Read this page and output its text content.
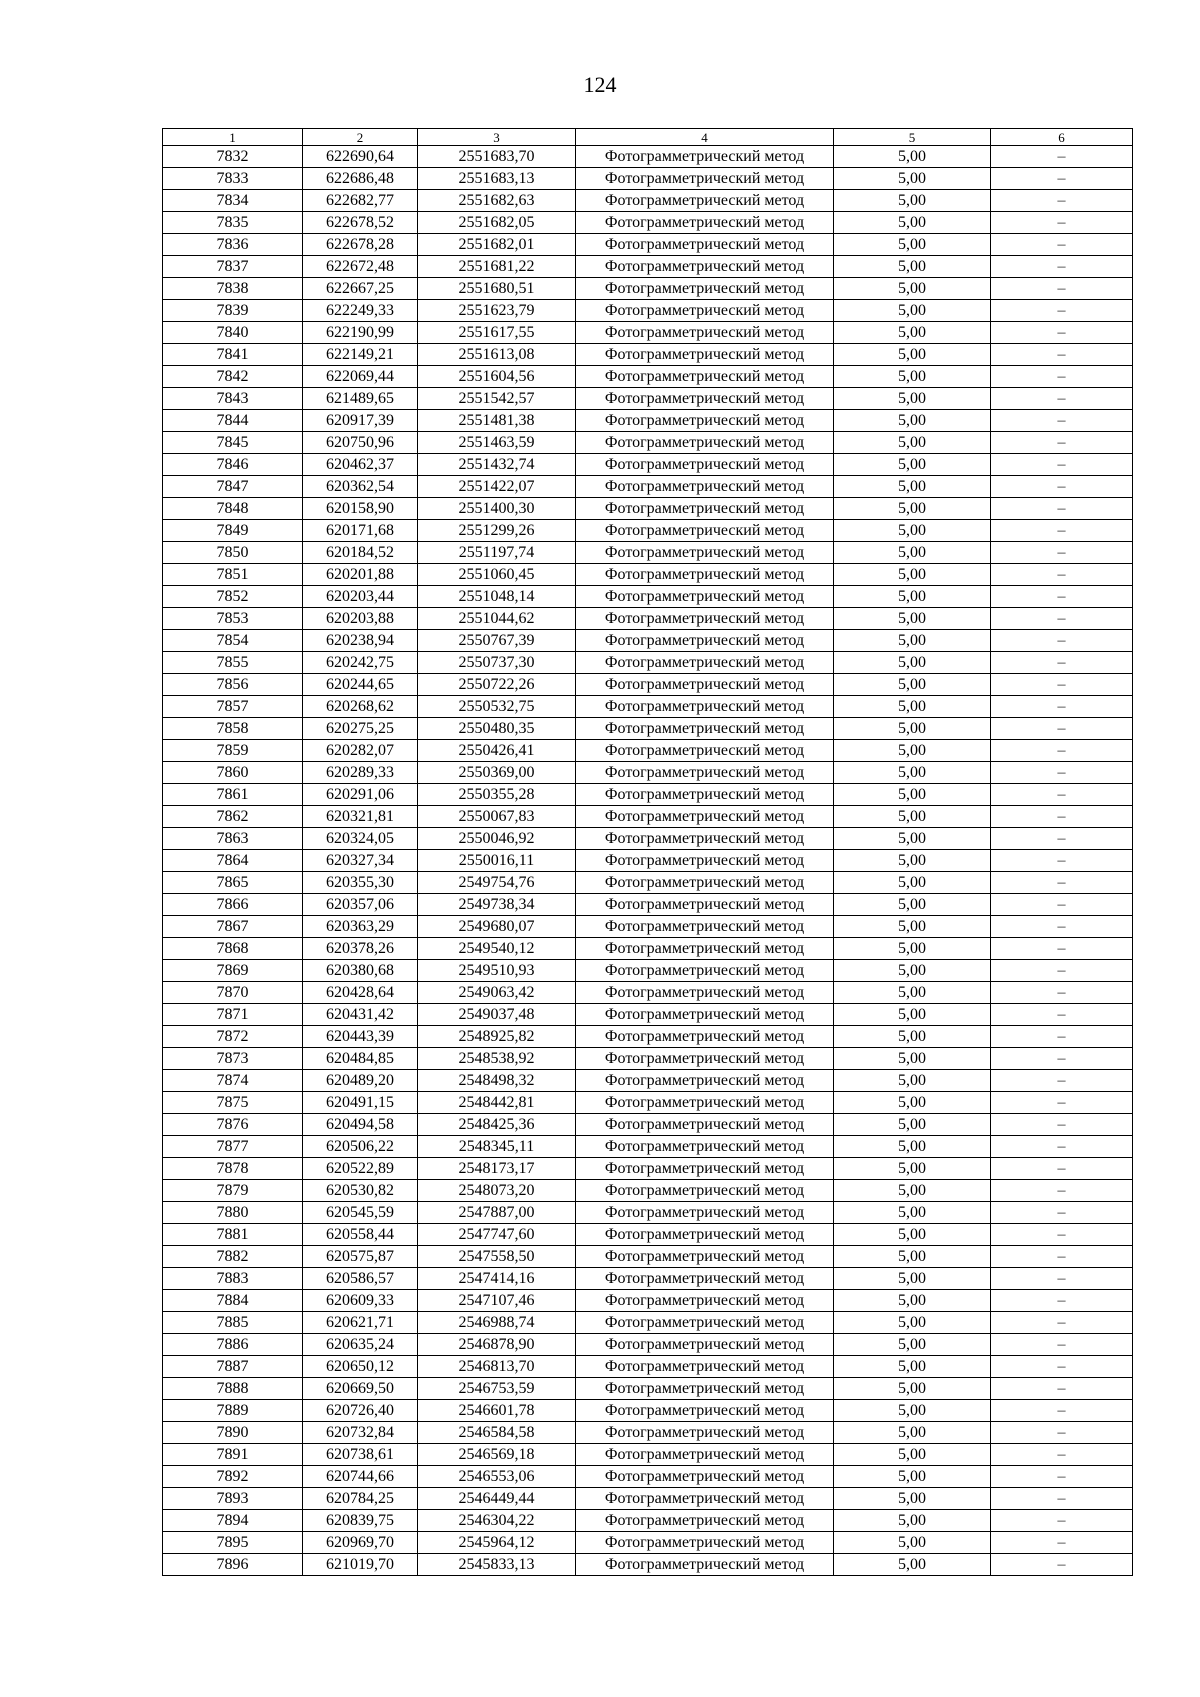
124
1	2	3	4	5	6
7832	622690,64	2551683,70	Фотограмметрический метод	5,00	–
7833	622686,48	2551683,13	Фотограмметрический метод	5,00	–
7834	622682,77	2551682,63	Фотограмметрический метод	5,00	–
7835	622678,52	2551682,05	Фотограмметрический метод	5,00	–
7836	622678,28	2551682,01	Фотограмметрический метод	5,00	–
7837	622672,48	2551681,22	Фотограмметрический метод	5,00	–
7838	622667,25	2551680,51	Фотограмметрический метод	5,00	–
7839	622249,33	2551623,79	Фотограмметрический метод	5,00	–
7840	622190,99	2551617,55	Фотограмметрический метод	5,00	–
7841	622149,21	2551613,08	Фотограмметрический метод	5,00	–
7842	622069,44	2551604,56	Фотограмметрический метод	5,00	–
7843	621489,65	2551542,57	Фотограмметрический метод	5,00	–
7844	620917,39	2551481,38	Фотограмметрический метод	5,00	–
7845	620750,96	2551463,59	Фотограмметрический метод	5,00	–
7846	620462,37	2551432,74	Фотограмметрический метод	5,00	–
7847	620362,54	2551422,07	Фотограмметрический метод	5,00	–
7848	620158,90	2551400,30	Фотограмметрический метод	5,00	–
7849	620171,68	2551299,26	Фотограмметрический метод	5,00	–
7850	620184,52	2551197,74	Фотограмметрический метод	5,00	–
7851	620201,88	2551060,45	Фотограмметрический метод	5,00	–
7852	620203,44	2551048,14	Фотограмметрический метод	5,00	–
7853	620203,88	2551044,62	Фотограмметрический метод	5,00	–
7854	620238,94	2550767,39	Фотограмметрический метод	5,00	–
7855	620242,75	2550737,30	Фотограмметрический метод	5,00	–
7856	620244,65	2550722,26	Фотограмметрический метод	5,00	–
7857	620268,62	2550532,75	Фотограмметрический метод	5,00	–
7858	620275,25	2550480,35	Фотограмметрический метод	5,00	–
7859	620282,07	2550426,41	Фотограмметрический метод	5,00	–
7860	620289,33	2550369,00	Фотограмметрический метод	5,00	–
7861	620291,06	2550355,28	Фотограмметрический метод	5,00	–
7862	620321,81	2550067,83	Фотограмметрический метод	5,00	–
7863	620324,05	2550046,92	Фотограмметрический метод	5,00	–
7864	620327,34	2550016,11	Фотограмметрический метод	5,00	–
7865	620355,30	2549754,76	Фотограмметрический метод	5,00	–
7866	620357,06	2549738,34	Фотограмметрический метод	5,00	–
7867	620363,29	2549680,07	Фотограмметрический метод	5,00	–
7868	620378,26	2549540,12	Фотограмметрический метод	5,00	–
7869	620380,68	2549510,93	Фотограмметрический метод	5,00	–
7870	620428,64	2549063,42	Фотограмметрический метод	5,00	–
7871	620431,42	2549037,48	Фотограмметрический метод	5,00	–
7872	620443,39	2548925,82	Фотограмметрический метод	5,00	–
7873	620484,85	2548538,92	Фотограмметрический метод	5,00	–
7874	620489,20	2548498,32	Фотограмметрический метод	5,00	–
7875	620491,15	2548442,81	Фотограмметрический метод	5,00	–
7876	620494,58	2548425,36	Фотограмметрический метод	5,00	–
7877	620506,22	2548345,11	Фотограмметрический метод	5,00	–
7878	620522,89	2548173,17	Фотограмметрический метод	5,00	–
7879	620530,82	2548073,20	Фотограмметрический метод	5,00	–
7880	620545,59	2547887,00	Фотограмметрический метод	5,00	–
7881	620558,44	2547747,60	Фотограмметрический метод	5,00	–
7882	620575,87	2547558,50	Фотограмметрический метод	5,00	–
7883	620586,57	2547414,16	Фотограмметрический метод	5,00	–
7884	620609,33	2547107,46	Фотограмметрический метод	5,00	–
7885	620621,71	2546988,74	Фотограмметрический метод	5,00	–
7886	620635,24	2546878,90	Фотограмметрический метод	5,00	–
7887	620650,12	2546813,70	Фотограмметрический метод	5,00	–
7888	620669,50	2546753,59	Фотограмметрический метод	5,00	–
7889	620726,40	2546601,78	Фотограмметрический метод	5,00	–
7890	620732,84	2546584,58	Фотограмметрический метод	5,00	–
7891	620738,61	2546569,18	Фотограмметрический метод	5,00	–
7892	620744,66	2546553,06	Фотограмметрический метод	5,00	–
7893	620784,25	2546449,44	Фотограмметрический метод	5,00	–
7894	620839,75	2546304,22	Фотограмметрический метод	5,00	–
7895	620969,70	2545964,12	Фотограмметрический метод	5,00	–
7896	621019,70	2545833,13	Фотограмметрический метод	5,00	–
